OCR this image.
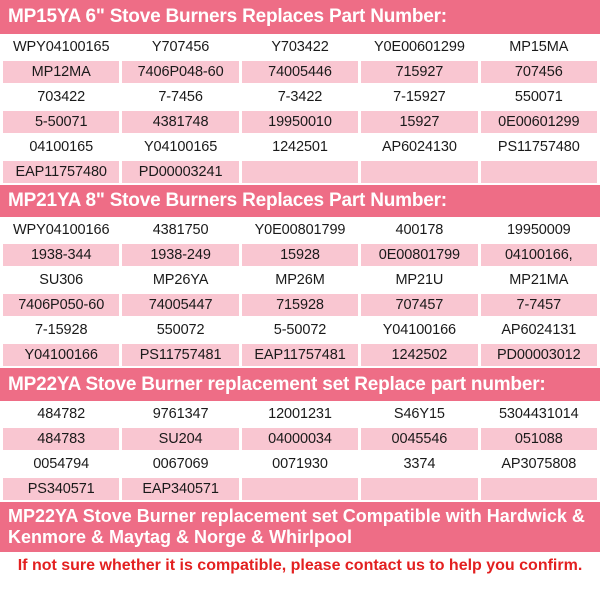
MP15YA 6" Stove Burners Replaces Part Number:
WPY04100165	Y707456	Y703422	Y0E00601299	MP15MA
MP12MA	7406P048-60	74005446	715927	707456
703422	7-7456	7-3422	7-15927	550071
5-50071	4381748	19950010	15927	0E00601299
04100165	Y04100165	1242501	AP6024130	PS11757480
EAP11757480	PD00003241
MP21YA 8" Stove Burners Replaces Part Number:
WPY04100166	4381750	Y0E00801799	400178	19950009
1938-344	1938-249	15928	0E00801799	04100166,
SU306	MP26YA	MP26M	MP21U	MP21MA
7406P050-60	74005447	715928	707457	7-7457
7-15928	550072	5-50072	Y04100166	AP6024131
Y04100166	PS11757481	EAP11757481	1242502	PD00003012
MP22YA Stove Burner replacement set Replace part number:
484782	9761347	12001231	S46Y15	5304431014
484783	SU204	04000034	0045546	051088
0054794	0067069	0071930	3374	AP3075808
PS340571	EAP340571
MP22YA Stove Burner replacement set Compatible with Hardwick & Kenmore & Maytag & Norge & Whirlpool
If not sure whether it is compatible, please contact us to help you confirm.
